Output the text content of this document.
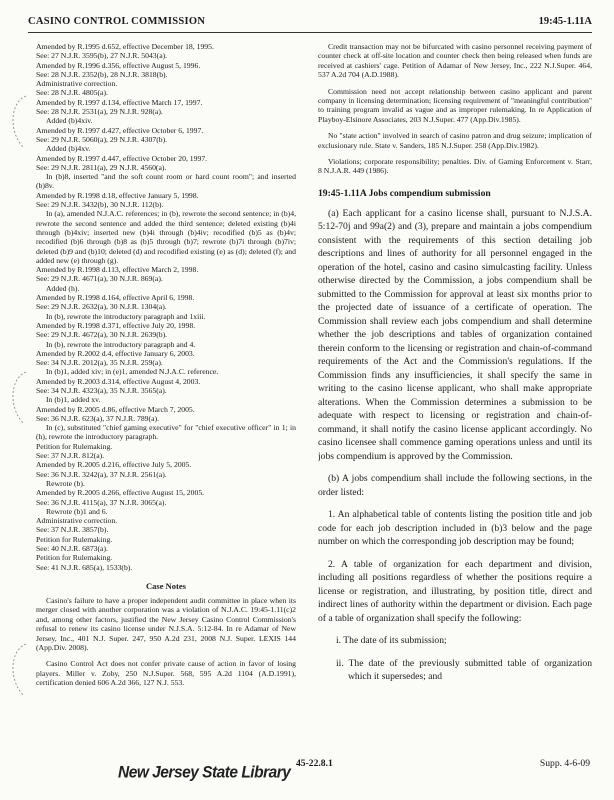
CASINO CONTROL COMMISSION	19:45-1.11A
Amended by R.1995 d.652, effective December 18, 1995.
See: 27 N.J.R. 3595(b), 27 N.J.R. 5043(a).
Amended by R.1996 d.356, effective August 5, 1996.
See: 28 N.J.R. 2352(b), 28 N.J.R. 3818(b).
Administrative correction.
See: 28 N.J.R. 4805(a).
Amended by R.1997 d.134, effective March 17, 1997.
See: 28 N.J.R. 2531(a), 29 N.J.R. 928(a).
Added (b)4xiv.
Amended by R.1997 d.427, effective October 6, 1997.
See: 29 N.J.R. 5060(a), 29 N.J.R. 4307(b).
Added (b)4xv.
Amended by R.1997 d.447, effective October 20, 1997.
See: 29 N.J.R. 2811(a), 29 N.J.R. 4560(a).
In (b)8, inserted "and the soft count room or hard count room"; and inserted (b)8v.
Amended by R.1998 d.18, effective January 5, 1998.
See: 29 N.J.R. 3432(b), 30 N.J.R. 112(b).
In (a), amended N.J.A.C. references; in (b), rewrote the second sentence; in (b)4, rewrote the second sentence and added the third sentence; deleted existing (b)4i through (b)4xiv; inserted new (b)4i through (b)4iv; recodified (b)5 as (b)4v; recodified (b)6 through (b)8 as (b)5 through (b)7; rewrote (b)7i through (b)7iv; deleted (b)9 and (b)10; deleted (d) and recodified existing (e) as (d); deleted (f); and added new (e) through (g).
Amended by R.1998 d.113, effective March 2, 1998.
See: 29 N.J.R. 4671(a), 30 N.J.R. 869(a).
Added (h).
Amended by R.1998 d.164, effective April 6, 1998.
See: 29 N.J.R. 2632(a), 30 N.J.R. 1304(a).
In (b), rewrote the introductory paragraph and 1xiii.
Amended by R.1998 d.371, effective July 20, 1998.
See: 29 N.J.R. 4672(a), 30 N.J.R. 2639(b).
In (b), rewrote the introductory paragraph and 4.
Amended by R.2002 d.4, effective January 6, 2003.
See: 34 N.J.R. 2012(a), 35 N.J.R. 259(a).
In (b)1, added xiv; in (e)1, amended N.J.A.C. reference.
Amended by R.2003 d.314, effective August 4, 2003.
See: 34 N.J.R. 4323(a), 35 N.J.R. 3565(a).
In (b)1, added xv.
Amended by R.2005 d.86, effective March 7, 2005.
See: 36 N.J.R. 623(a), 37 N.J.R. 789(a).
In (c), substituted "chief gaming executive" for "chief executive officer" in 1; in (h), rewrote the introductory paragraph.
Petition for Rulemaking.
See: 37 N.J.R. 812(a).
Amended by R.2005 d.216, effective July 5, 2005.
See: 36 N.J.R. 3242(a), 37 N.J.R. 2561(a).
Rewrote (b).
Amended by R.2005 d.266, effective August 15, 2005.
See: 36 N.J.R. 4115(a), 37 N.J.R. 3065(a).
Rewrote (b)1 and 6.
Administrative correction.
See: 37 N.J.R. 3857(b).
Petition for Rulemaking.
See: 40 N.J.R. 6873(a).
Petition for Rulemaking.
See: 41 N.J.R. 685(a), 1533(b).
Case Notes

Casino's failure to have a proper independent audit committee in place when its merger closed with another corporation was a violation of N.J.A.C. 19:45-1.11(c)2 and, among other factors, justified the New Jersey Casino Control Commission's refusal to renew its casino license under N.J.S.A. 5:12-84. In re Adamar of New Jersey, Inc., 401 N.J. Super. 247, 950 A.2d 231, 2008 N.J. Super. LEXIS 144 (App.Div. 2008).

Casino Control Act does not confer private cause of action in favor of losing players. Miller v. Zoby, 250 N.J.Super. 568, 595 A.2d 1104 (A.D.1991), certification denied 606 A.2d 366, 127 N.J. 553.

Credit transaction may not be bifurcated with casino personnel receiving payment of counter check at off-site location and counter check then being released when funds are received at cashiers' cage. Petition of Adamar of New Jersey, Inc., 222 N.J.Super. 464, 537 A.2d 704 (A.D.1988).

Commission need not accept relationship between casino applicant and parent company in licensing determination; licensing requirement of "meaningful contribution" to training program invalid as vague and as improper rulemaking. In re Application of Playboy-Elsinore Associates, 203 N.J.Super. 477 (App.Div.1985).

No "state action" involved in search of casino patron and drug seizure; implication of exclusionary rule. State v. Sanders, 185 N.J.Super. 258 (App.Div.1982).

Violations; corporate responsibility; penalties. Div. of Gaming Enforcement v. Starr, 8 N.J.A.R. 449 (1986).

19:45-1.11A Jobs compendium submission

(a) Each applicant for a casino license shall, pursuant to N.J.S.A. 5:12-70j and 99a(2) and (3), prepare and maintain a jobs compendium consistent with the requirements of this section detailing job descriptions and lines of authority for all personnel engaged in the operation of the hotel, casino and casino simulcasting facility. Unless otherwise directed by the Commission, a jobs compendium shall be submitted to the Commission for approval at least six months prior to the projected date of issuance of a certificate of operation. The Commission shall review each jobs compendium and shall determine whether the job descriptions and tables of organization contained therein conform to the licensing or registration and chain-of-command requirements of the Act and the Commission's regulations. If the Commission finds any insufficiencies, it shall specify the same in writing to the casino license applicant, who shall make appropriate alterations. When the Commission determines a submission to be adequate with respect to licensing or registration and chain-of-command, it shall notify the casino license applicant accordingly. No casino licensee shall commence gaming operations unless and until its jobs compendium is approved by the Commission.

(b) A jobs compendium shall include the following sections, in the order listed:

1. An alphabetical table of contents listing the position title and job code for each job description included in (b)3 below and the page number on which the corresponding job description may be found;

2. A table of organization for each department and division, including all positions regardless of whether the positions require a license or registration, and illustrating, by position title, direct and indirect lines of authority within the department or division. Each page of a table of organization shall specify the following:

i. The date of its submission;

ii. The date of the previously submitted table of organization which it supersedes; and

New Jersey State Library 45-22.8.1	Supp. 4-6-09
